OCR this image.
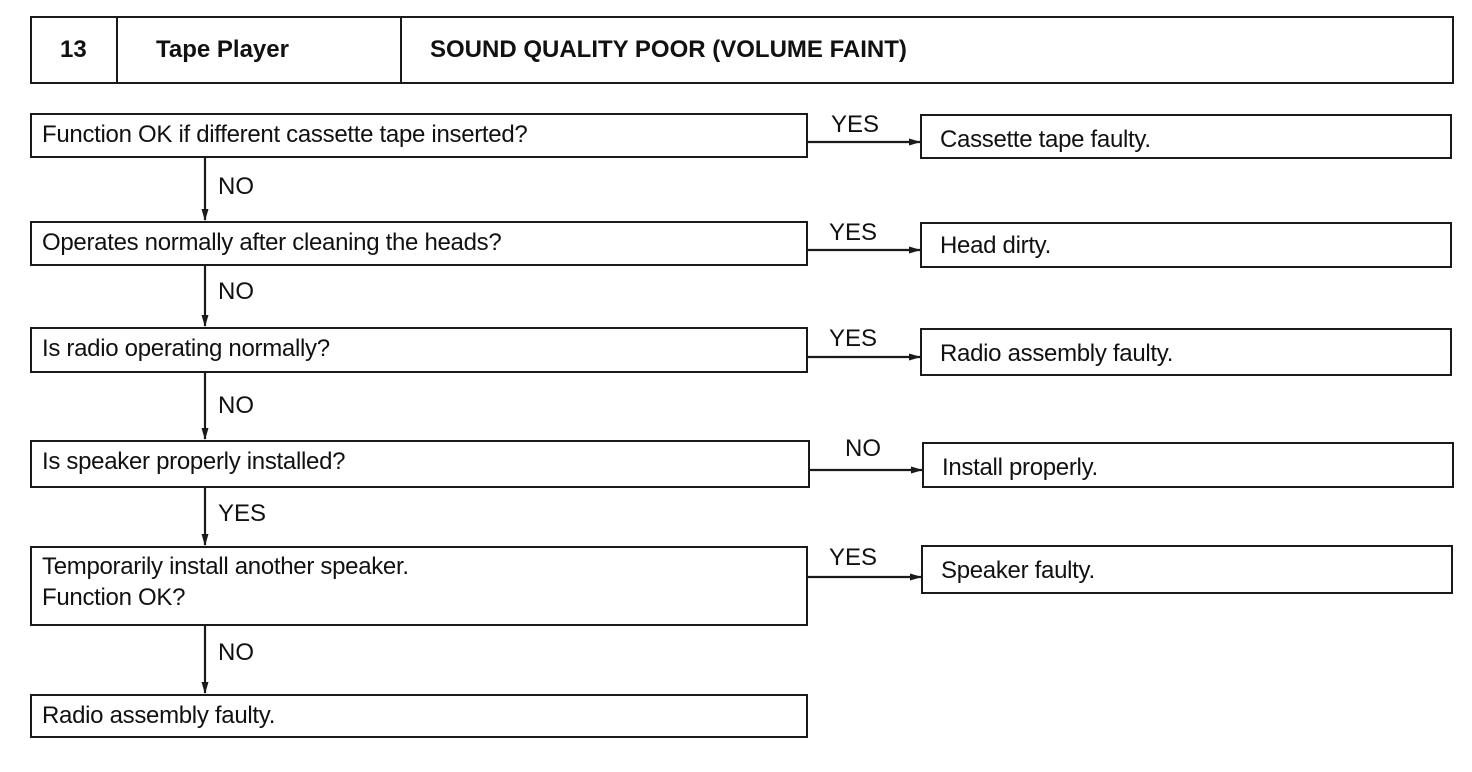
13	Tape Player	SOUND QUALITY POOR (VOLUME FAINT)
Function OK if different cassette tape inserted?
Operates normally after cleaning the heads?
Is radio operating normally?
Is speaker properly installed?
Temporarily install another speaker.
Function OK?
Radio assembly faulty.
Cassette tape faulty.
Head dirty.
Radio assembly faulty.
Install properly.
Speaker faulty.
YES
YES
YES
NO
YES
NO
NO
NO
YES
NO
